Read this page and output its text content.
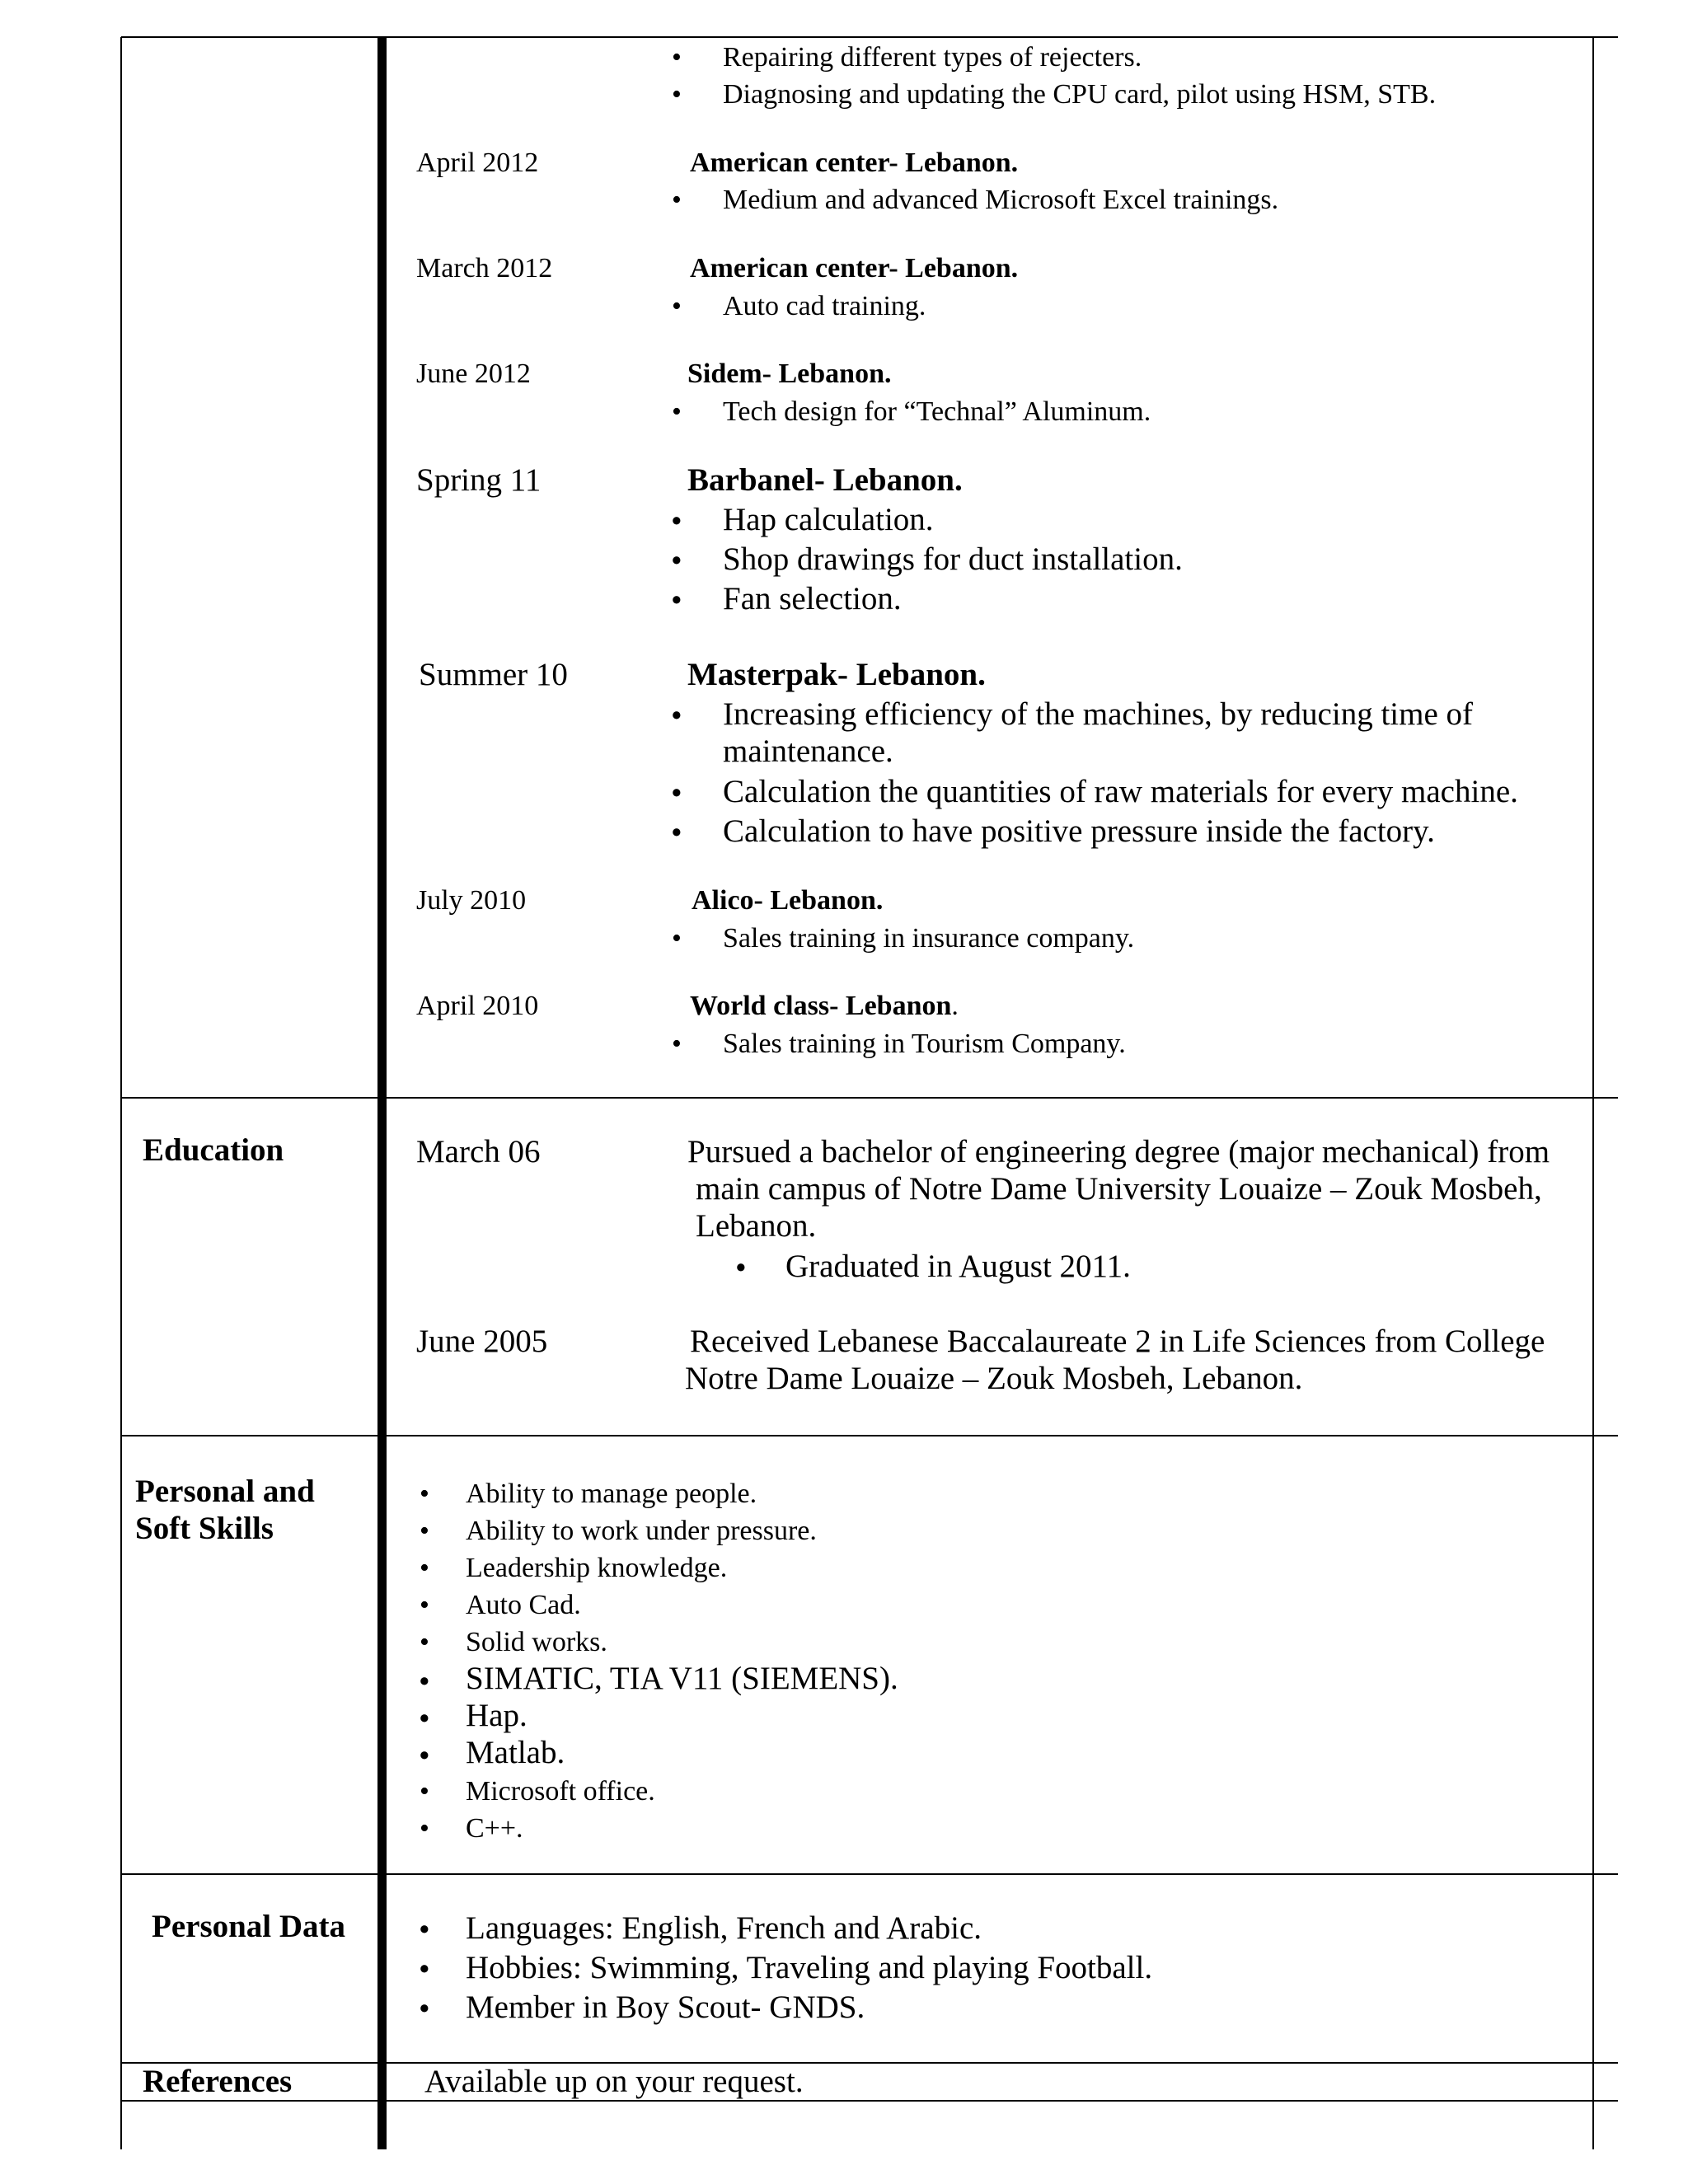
• Repairing different types of rejecters.
• Diagnosing and updating the CPU card, pilot using HSM, STB.
April 2012	American center- Lebanon.
• Medium and advanced Microsoft Excel trainings.
March 2012	American center- Lebanon.
• Auto cad training.
June 2012	Sidem- Lebanon.
• Tech design for “Technal” Aluminum.
Spring 11	Barbanel- Lebanon.
• Hap calculation.
• Shop drawings for duct installation.
• Fan selection.
Summer 10	Masterpak- Lebanon.
• Increasing efficiency of the machines, by reducing time of
maintenance.
• Calculation the quantities of raw materials for every machine.
• Calculation to have positive pressure inside the factory.
July 2010	Alico- Lebanon.
• Sales training in insurance company.
April 2010	World class- Lebanon.
• Sales training in Tourism Company.
Education	March 06	Pursued a bachelor of engineering degree (major mechanical) from
main campus of Notre Dame University Louaize – Zouk Mosbeh,
Lebanon.
• Graduated in August 2011.
June 2005	Received Lebanese Baccalaureate 2 in Life Sciences from College
Notre Dame Louaize – Zouk Mosbeh, Lebanon.
Personal and
Soft Skills
• Ability to manage people.
• Ability to work under pressure.
• Leadership knowledge.
• Auto Cad.
• Solid works.
• SIMATIC, TIA V11 (SIEMENS).
• Hap.
• Matlab.
• Microsoft office.
• C++.
Personal Data • Languages: English, French and Arabic.
• Hobbies: Swimming, Traveling and playing Football.
• Member in Boy Scout- GNDS.
References	Available up on your request.
